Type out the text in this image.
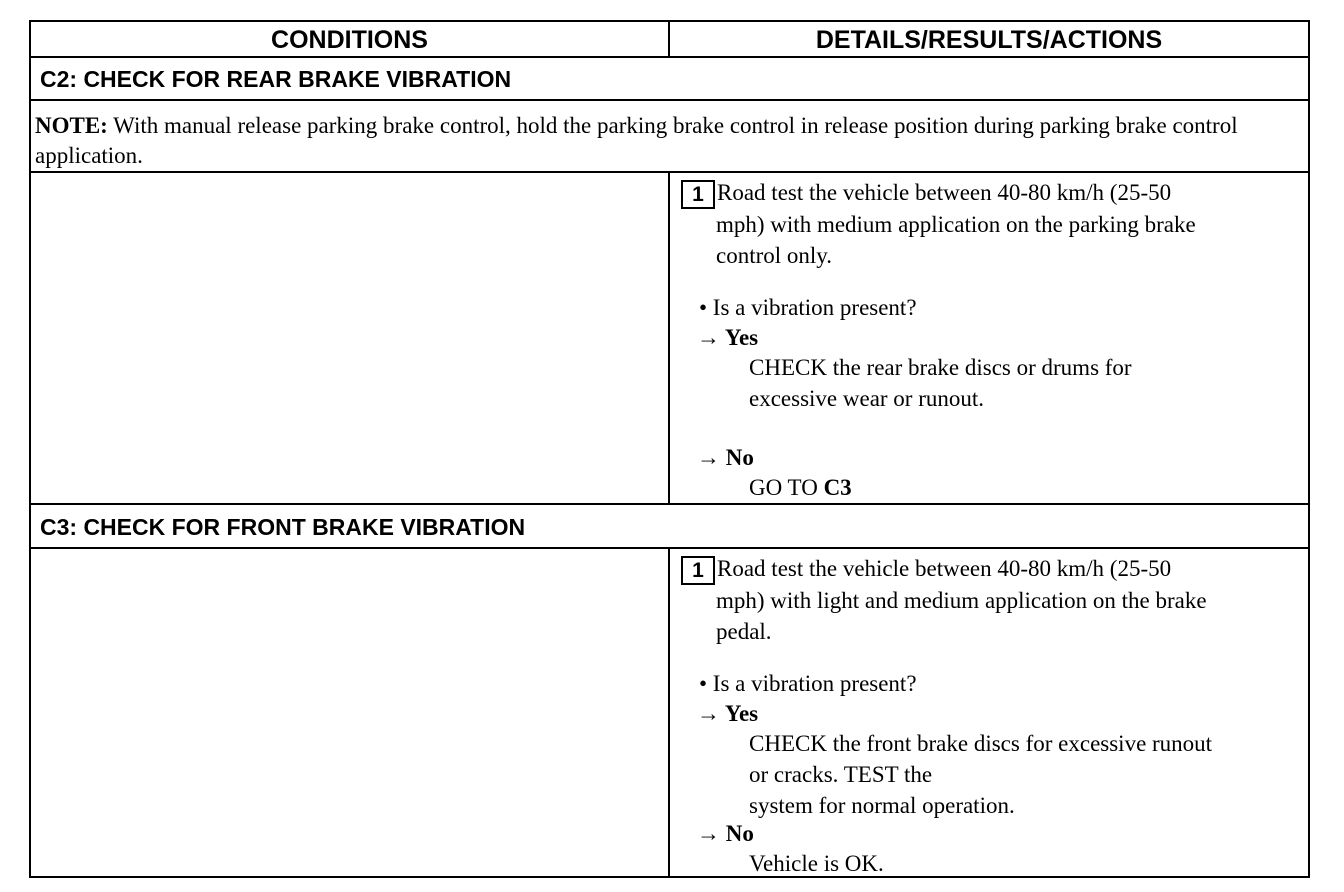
CONDITIONS	DETAILS/RESULTS/ACTIONS
C2: CHECK FOR REAR BRAKE VIBRATION
NOTE: With manual release parking brake control, hold the parking brake control in release position during parking brake control application.
1 Road test the vehicle between 40-80 km/h (25-50
mph) with medium application on the parking brake
control only.
• Is a vibration present?
→ Yes
CHECK the rear brake discs or drums for
excessive wear or runout.
→ No
GO TO C3
C3: CHECK FOR FRONT BRAKE VIBRATION
1 Road test the vehicle between 40-80 km/h (25-50
mph) with light and medium application on the brake
pedal.
• Is a vibration present?
→ Yes
CHECK the front brake discs for excessive runout
or cracks. TEST the
system for normal operation.
→ No
Vehicle is OK.
